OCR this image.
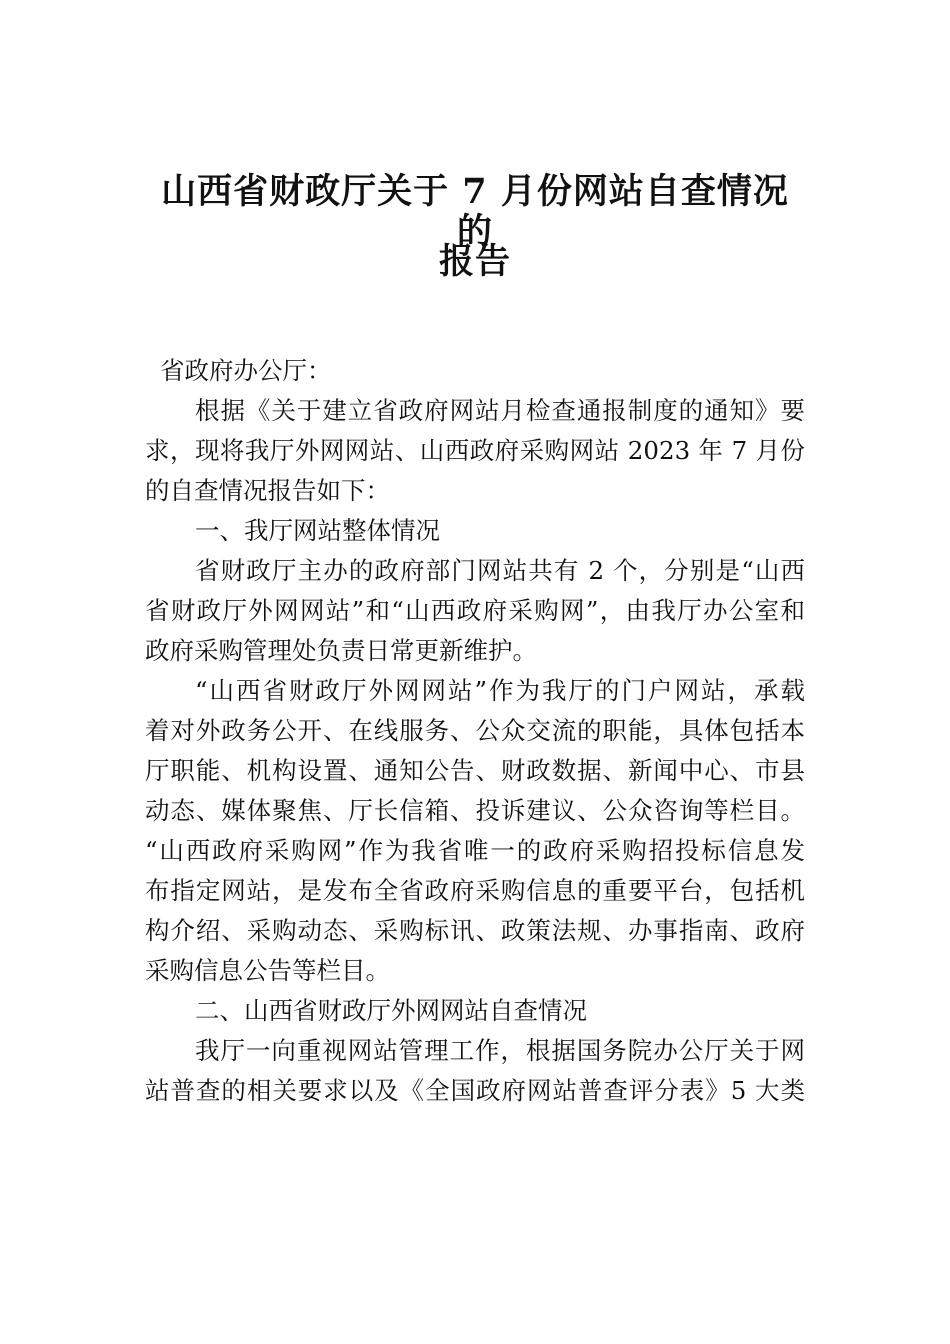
山西省财政厅关于 7 月份网站自查情况的
报告
省政府办公厅：
根据《关于建立省政府网站月检查通报制度的通知》要
求，现将我厅外网网站、山西政府采购网站 2023 年 7 月份
的自查情况报告如下：
一、我厅网站整体情况
省财政厅主办的政府部门网站共有 2 个，分别是“山西
省财政厅外网网站”和“山西政府采购网”，由我厅办公室和
政府采购管理处负责日常更新维护。
“山西省财政厅外网网站”作为我厅的门户网站，承载
着对外政务公开、在线服务、公众交流的职能，具体包括本
厅职能、机构设置、通知公告、财政数据、新闻中心、市县
动态、媒体聚焦、厅长信箱、投诉建议、公众咨询等栏目。
“山西政府采购网”作为我省唯一的政府采购招投标信息发
布指定网站，是发布全省政府采购信息的重要平台，包括机
构介绍、采购动态、采购标讯、政策法规、办事指南、政府
采购信息公告等栏目。
二、山西省财政厅外网网站自查情况
我厅一向重视网站管理工作，根据国务院办公厅关于网
站普查的相关要求以及《全国政府网站普查评分表》5 大类
